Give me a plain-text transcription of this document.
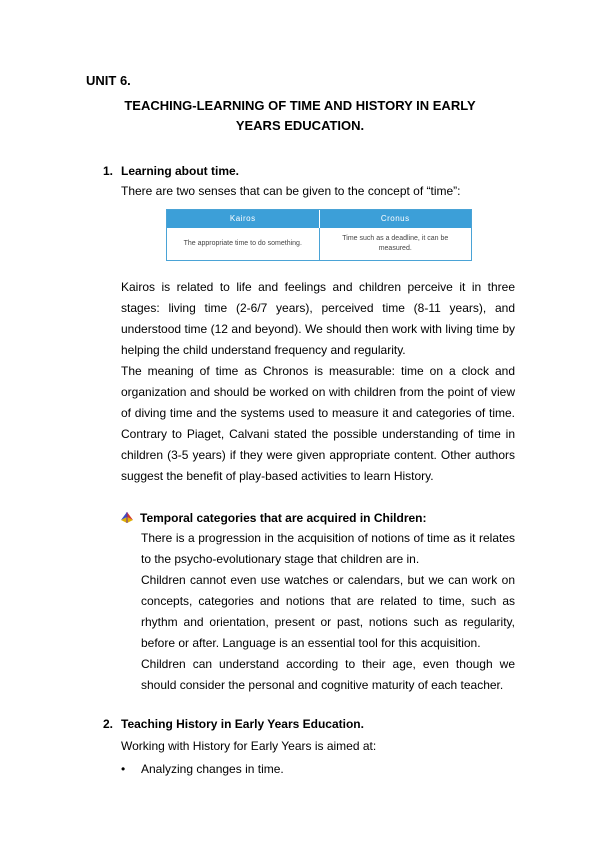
UNIT 6.
TEACHING-LEARNING OF TIME AND HISTORY IN EARLY
YEARS EDUCATION.
1. Learning about time.
There are two senses that can be given to the concept of “time”:
Kairos	Cronus
The appropriate time to do something.
Time such as a deadline, it can be measured.
Kairos is related to life and feelings and children perceive it in three stages: living time (2-6/7 years), perceived time (8-11 years), and understood time (12 and beyond). We should then work with living time by helping the child understand frequency and regularity.
The meaning of time as Chronos is measurable: time on a clock and organization and should be worked on with children from the point of view of diving time and the systems used to measure it and categories of time. Contrary to Piaget, Calvani stated the possible understanding of time in children (3-5 years) if they were given appropriate content. Other authors suggest the benefit of play-based activities to learn History.
Temporal categories that are acquired in Children:
There is a progression in the acquisition of notions of time as it relates to the psycho-evolutionary stage that children are in.
Children cannot even use watches or calendars, but we can work on concepts, categories and notions that are related to time, such as rhythm and orientation, present or past, notions such as regularity, before or after. Language is an essential tool for this acquisition.
Children can understand according to their age, even though we should consider the personal and cognitive maturity of each teacher.
2. Teaching History in Early Years Education.
Working with History for Early Years is aimed at:
• Analyzing changes in time.
